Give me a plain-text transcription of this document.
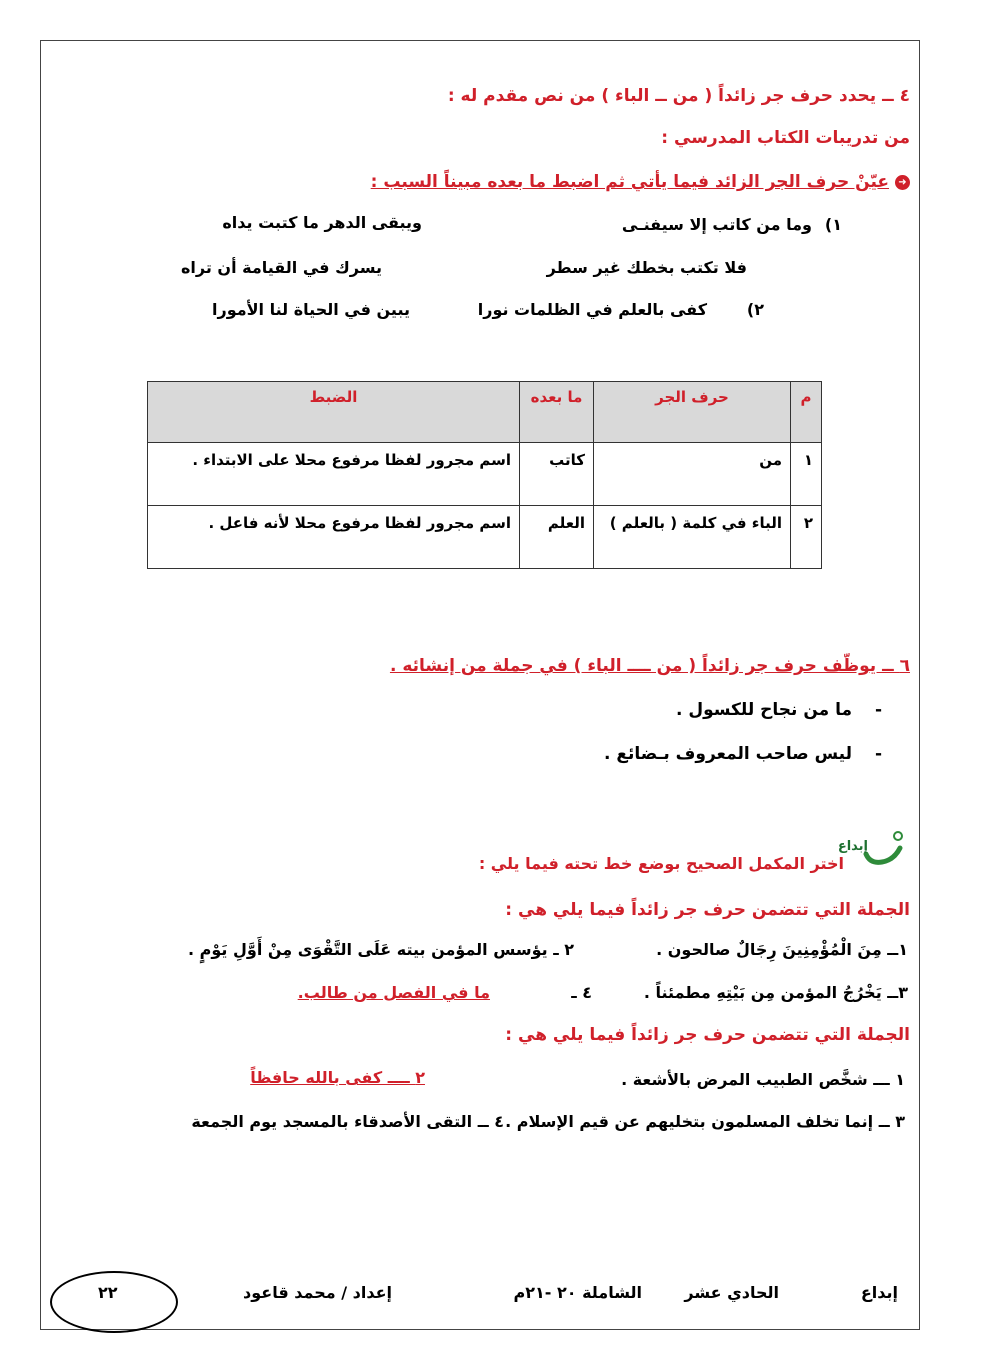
٤ ــ يحدد حرف جر زائداً ( من ــ الباء ) من نص مقدم له :
من تدريبات الكتاب المدرسي :
➜عيّنْ حرف الجر الزائد فيما يأتي ثم اضبط ما بعده مبيناً السبب :
وما من كاتب إلا سيفنـى ١)
ويبقى الدهر ما كتبت يداه
فلا تكتب بخطك غير سطر
يسرك في القيامة أن تراه
٢)
كفى بالعلم في الظلمات نورا
يبين في الحياة لنا الأمورا
م	حرف الجر	ما بعده	الضبط
١	من	كاتب	اسم مجرور لفظا مرفوع محلا على الابتداء .
٢	الباء في كلمة ( بالعلم )	العلم	اسم مجرور لفظا مرفوع محلا لأنه فاعل .
٦ ــ يوظّف حرف جر زائداً ( من ــــ الباء ) في جملة من إنشائه .
-
ما من نجاح للكسول .
-
ليس صاحب المعروف بـضائع .
إبداع
اختر المكمل الصحيح بوضع خط تحته فيما يلي :
الجملة التي تتضمن حرف جر زائداً فيما يلي هي :
١ــ مِنَ الْمُؤْمِنِينَ رِجَالٌ صالحون .
٢ ـ يؤسس المؤمن بيته عَلَى التَّقْوَى مِنْ أَوَّلِ يَوْمٍ .
٣ــ يَخْرُجُ المؤمن مِن بَيْتِهِ مطمئناً .
٤ ـ
ما في الفصل من طالب.
الجملة التي تتضمن حرف جر زائداً فيما يلي هي :
١ ـــ شخَّص الطبيب المرض بالأشعة .
٢ ــــ كفى بالله حافظاً
٣ ــ إنما تخلف المسلمون بتخليهم عن قيم الإسلام .
٤ ــ التقى الأصدقاء بالمسجد يوم الجمعة
إبداع
الحادي عشر
الشاملة ٢٠ -٢١م
إعداد / محمد قاعود
٢٢
